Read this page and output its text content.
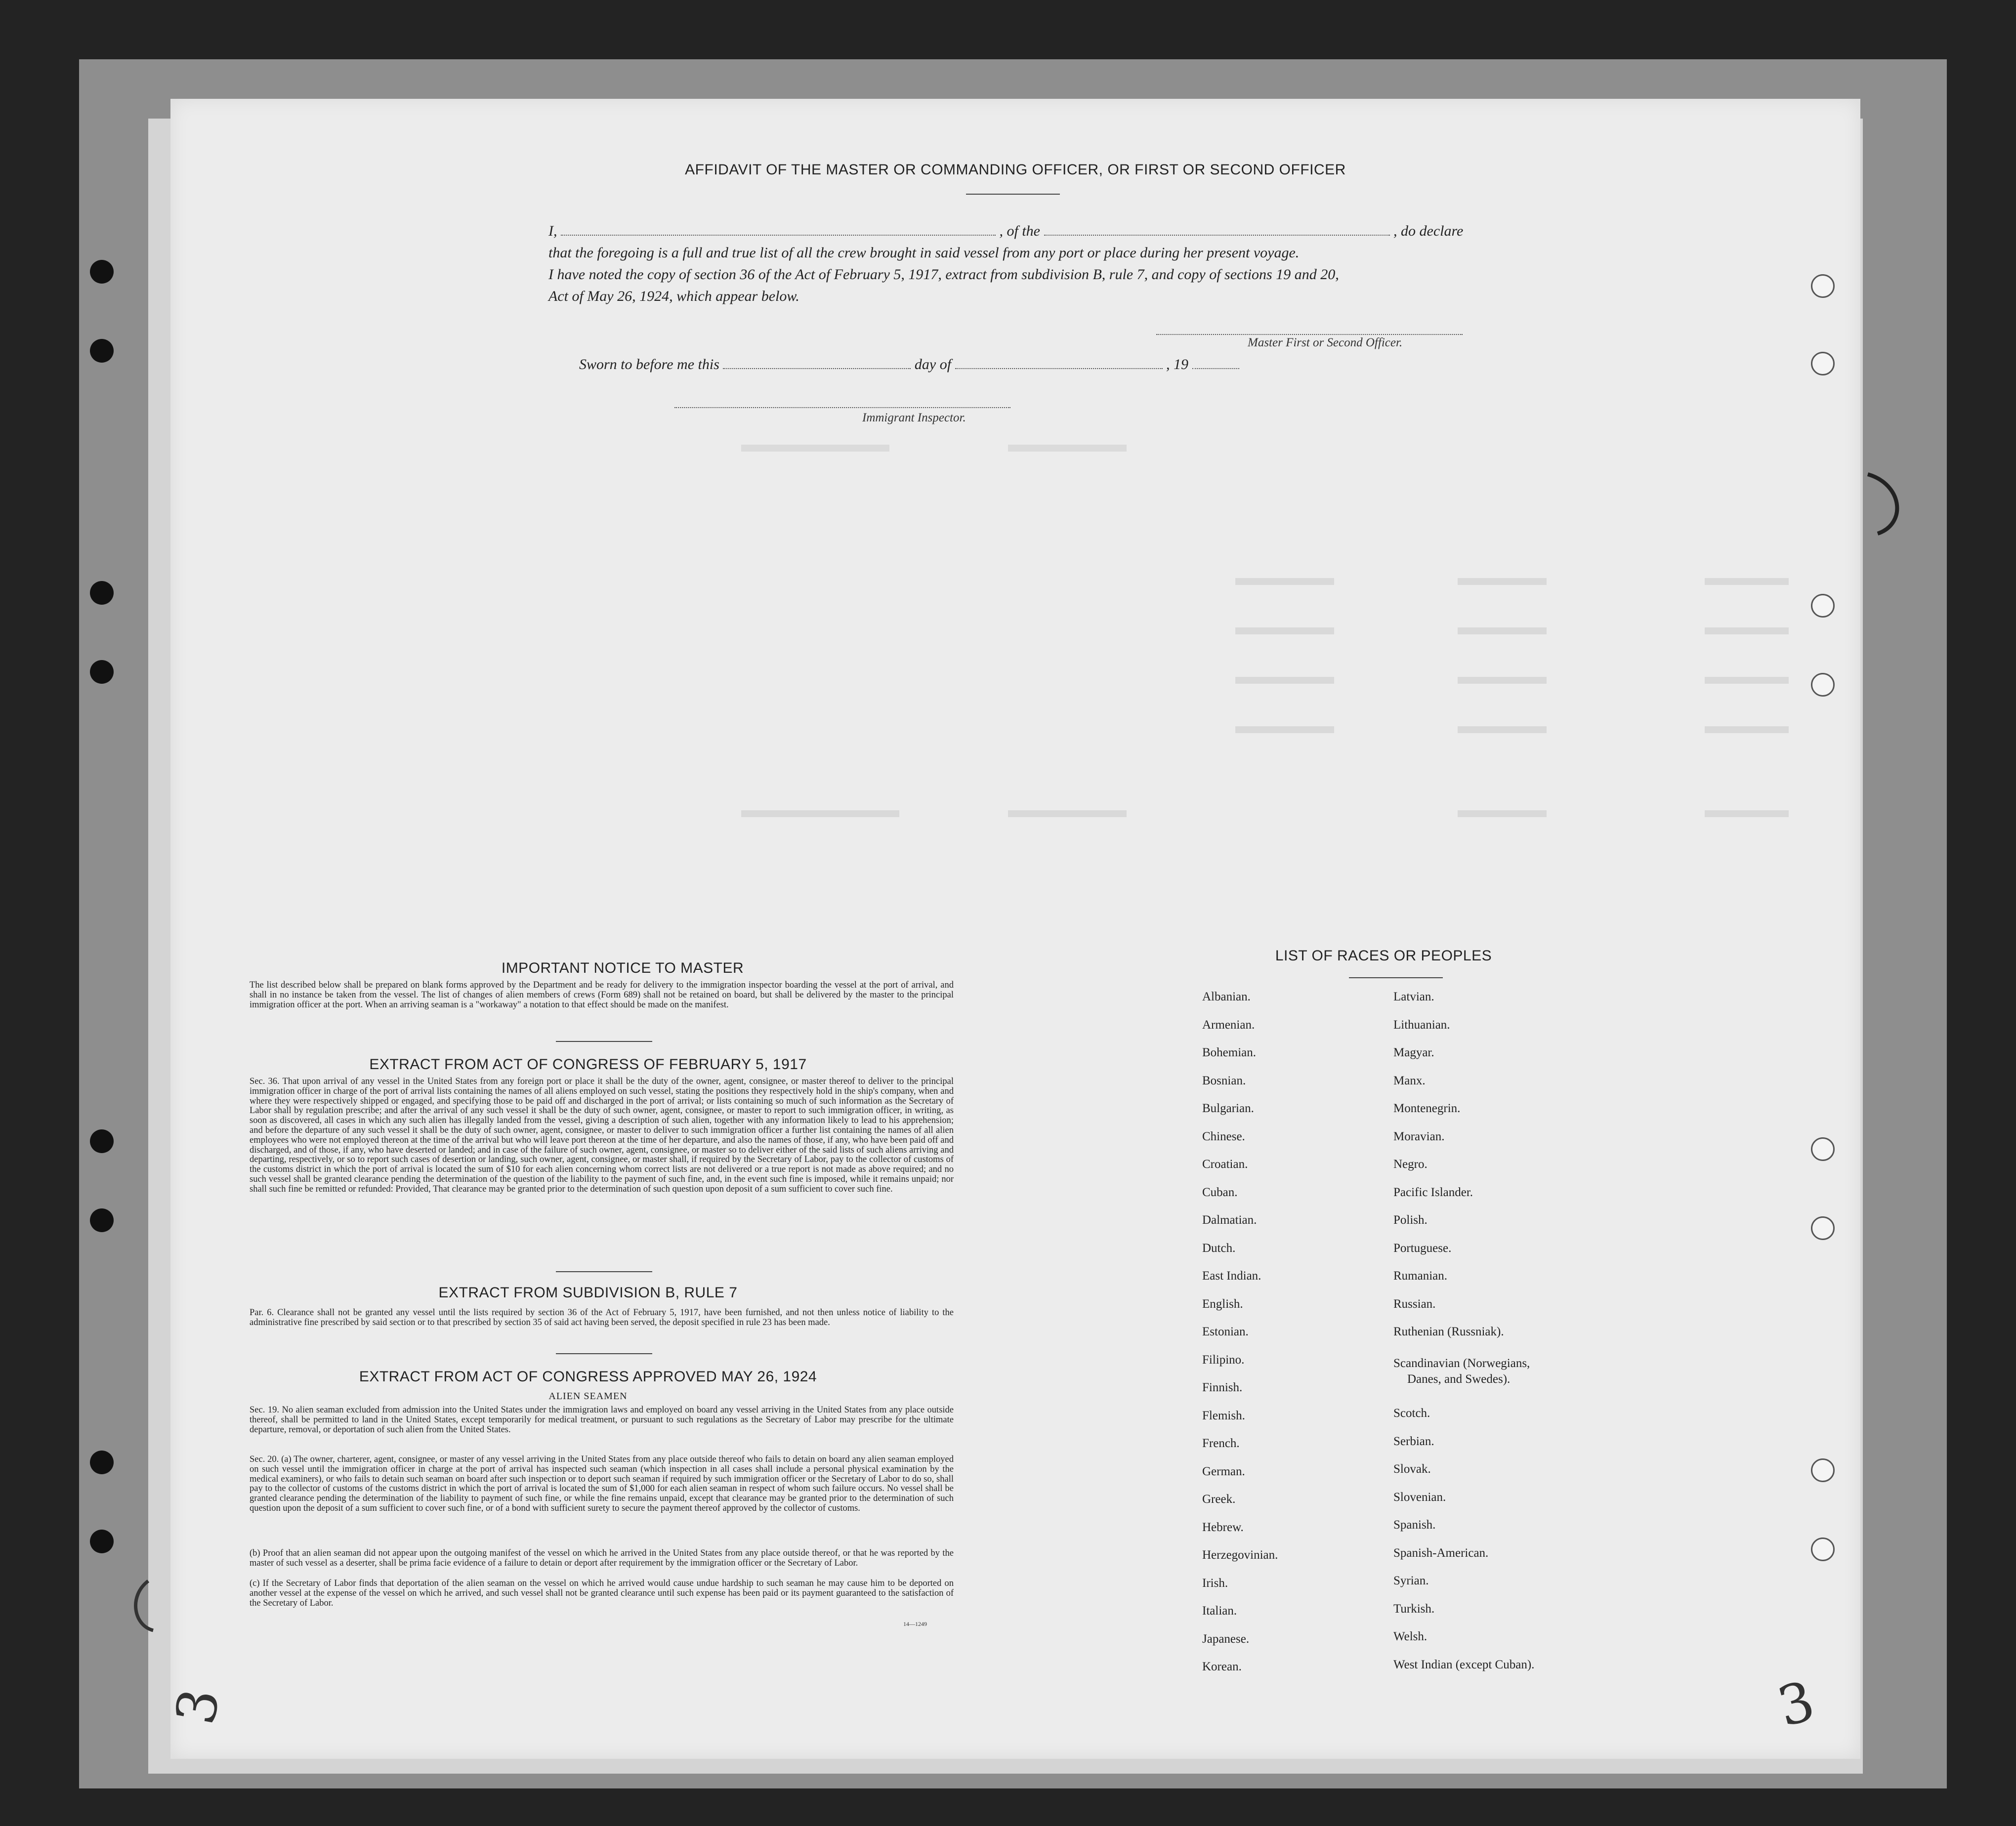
AFFIDAVIT OF THE MASTER OR COMMANDING OFFICER, OR FIRST OR SECOND OFFICER
I,	, of the	, do declare
that the foregoing is a full and true list of all the crew brought in said vessel from any port or place during her present voyage.
I have noted the copy of section 36 of the Act of February 5, 1917, extract from subdivision B, rule 7, and copy of sections 19 and 20,
Act of May 26, 1924, which appear below.
Master First or Second Officer.
Sworn to before me this	day of	, 19
Immigrant Inspector.
IMPORTANT NOTICE TO MASTER
The list described below shall be prepared on blank forms approved by the Department and be ready for delivery to the immigration inspector boarding the vessel at the port of arrival, and shall in no instance be taken from the vessel. The list of changes of alien members of crews (Form 689) shall not be retained on board, but shall be delivered by the master to the principal immigration officer at the port. When an arriving seaman is a "workaway" a notation to that effect should be made on the manifest.
EXTRACT FROM ACT OF CONGRESS OF FEBRUARY 5, 1917
Sec. 36. That upon arrival of any vessel in the United States from any foreign port or place it shall be the duty of the owner, agent, consignee, or master thereof to deliver to the principal immigration officer in charge of the port of arrival lists containing the names of all aliens employed on such vessel, stating the positions they respectively hold in the ship's company, when and where they were respectively shipped or engaged, and specifying those to be paid off and discharged in the port of arrival; or lists containing so much of such information as the Secretary of Labor shall by regulation prescribe; and after the arrival of any such vessel it shall be the duty of such owner, agent, consignee, or master to report to such immigration officer, in writing, as soon as discovered, all cases in which any such alien has illegally landed from the vessel, giving a description of such alien, together with any information likely to lead to his apprehension; and before the departure of any such vessel it shall be the duty of such owner, agent, consignee, or master to deliver to such immigration officer a further list containing the names of all alien employees who were not employed thereon at the time of the arrival but who will leave port thereon at the time of her departure, and also the names of those, if any, who have been paid off and discharged, and of those, if any, who have deserted or landed; and in case of the failure of such owner, agent, consignee, or master so to deliver either of the said lists of such aliens arriving and departing, respectively, or so to report such cases of desertion or landing, such owner, agent, consignee, or master shall, if required by the Secretary of Labor, pay to the collector of customs of the customs district in which the port of arrival is located the sum of $10 for each alien concerning whom correct lists are not delivered or a true report is not made as above required; and no such vessel shall be granted clearance pending the determination of the question of the liability to the payment of such fine, and, in the event such fine is imposed, while it remains unpaid; nor shall such fine be remitted or refunded: Provided, That clearance may be granted prior to the determination of such question upon deposit of a sum sufficient to cover such fine.
EXTRACT FROM SUBDIVISION B, RULE 7
Par. 6. Clearance shall not be granted any vessel until the lists required by section 36 of the Act of February 5, 1917, have been furnished, and not then unless notice of liability to the administrative fine prescribed by said section or to that prescribed by section 35 of said act having been served, the deposit specified in rule 23 has been made.
EXTRACT FROM ACT OF CONGRESS APPROVED MAY 26, 1924
ALIEN SEAMEN
Sec. 19. No alien seaman excluded from admission into the United States under the immigration laws and employed on board any vessel arriving in the United States from any place outside thereof, shall be permitted to land in the United States, except temporarily for medical treatment, or pursuant to such regulations as the Secretary of Labor may prescribe for the ultimate departure, removal, or deportation of such alien from the United States.
Sec. 20. (a) The owner, charterer, agent, consignee, or master of any vessel arriving in the United States from any place outside thereof who fails to detain on board any alien seaman employed on such vessel until the immigration officer in charge at the port of arrival has inspected such seaman (which inspection in all cases shall include a personal physical examination by the medical examiners), or who fails to detain such seaman on board after such inspection or to deport such seaman if required by such immigration officer or the Secretary of Labor to do so, shall pay to the collector of customs of the customs district in which the port of arrival is located the sum of $1,000 for each alien seaman in respect of whom such failure occurs. No vessel shall be granted clearance pending the determination of the liability to payment of such fine, or while the fine remains unpaid, except that clearance may be granted prior to the determination of such question upon the deposit of a sum sufficient to cover such fine, or of a bond with sufficient surety to secure the payment thereof approved by the collector of customs.
(b) Proof that an alien seaman did not appear upon the outgoing manifest of the vessel on which he arrived in the United States from any place outside thereof, or that he was reported by the master of such vessel as a deserter, shall be prima facie evidence of a failure to detain or deport after requirement by the immigration officer or the Secretary of Labor.
(c) If the Secretary of Labor finds that deportation of the alien seaman on the vessel on which he arrived would cause undue hardship to such seaman he may cause him to be deported on another vessel at the expense of the vessel on which he arrived, and such vessel shall not be granted clearance until such expense has been paid or its payment guaranteed to the satisfaction of the Secretary of Labor.
14—1249
LIST OF RACES OR PEOPLES
Albanian.
Armenian.
Bohemian.
Bosnian.
Bulgarian.
Chinese.
Croatian.
Cuban.
Dalmatian.
Dutch.
East Indian.
English.
Estonian.
Filipino.
Finnish.
Flemish.
French.
German.
Greek.
Hebrew.
Herzegovinian.
Irish.
Italian.
Japanese.
Korean.
Latvian.
Lithuanian.
Magyar.
Manx.
Montenegrin.
Moravian.
Negro.
Pacific Islander.
Polish.
Portuguese.
Rumanian.
Russian.
Ruthenian (Russniak).
Scandinavian (Norwegians,
Danes, and Swedes).
Scotch.
Serbian.
Slovak.
Slovenian.
Spanish.
Spanish-American.
Syrian.
Turkish.
Welsh.
West Indian (except Cuban).
3	3
